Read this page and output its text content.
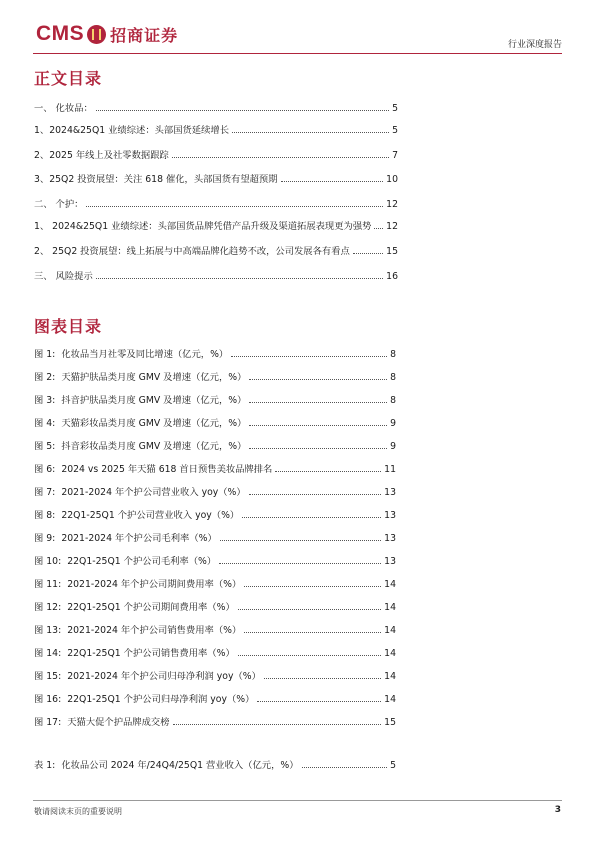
CMS 招商证券
行业深度报告
正文目录
一、 化妆品：	5
1、2024&25Q1 业绩综述：头部国货延续增长	5
2、2025 年线上及社零数据跟踪	7
3、25Q2 投资展望：关注 618 催化，头部国货有望超预期	10
二、 个护：	12
1、 2024&25Q1 业绩综述：头部国货品牌凭借产品升级及渠道拓展表现更为强势 12
2、 25Q2 投资展望：线上拓展与中高端品牌化趋势不改，公司发展各有看点	15
三、 风险提示	16
图表目录
图 1: 化妆品当月社零及同比增速（亿元，%）	8
图 2: 天猫护肤品类月度 GMV 及增速（亿元，%）	8
图 3: 抖音护肤品类月度 GMV 及增速（亿元，%）	8
图 4: 天猫彩妆品类月度 GMV 及增速（亿元，%）	9
图 5: 抖音彩妆品类月度 GMV 及增速（亿元，%）	9
图 6: 2024 vs 2025 年天猫 618 首日预售美妆品牌排名	11
图 7: 2021-2024 年个护公司营业收入 yoy（%）	13
图 8: 22Q1-25Q1 个护公司营业收入 yoy（%）	13
图 9: 2021-2024 年个护公司毛利率（%）	13
图 10: 22Q1-25Q1 个护公司毛利率（%）	13
图 11: 2021-2024 年个护公司期间费用率（%）	14
图 12: 22Q1-25Q1 个护公司期间费用率（%）	14
图 13: 2021-2024 年个护公司销售费用率（%）	14
图 14: 22Q1-25Q1 个护公司销售费用率（%）	14
图 15: 2021-2024 年个护公司归母净利润 yoy（%）	14
图 16: 22Q1-25Q1 个护公司归母净利润 yoy（%）	14
图 17: 天猫大促个护品牌成交榜	15
表 1: 化妆品公司 2024 年/24Q4/25Q1 营业收入（亿元，%）	5
敬请阅读末页的重要说明	3
